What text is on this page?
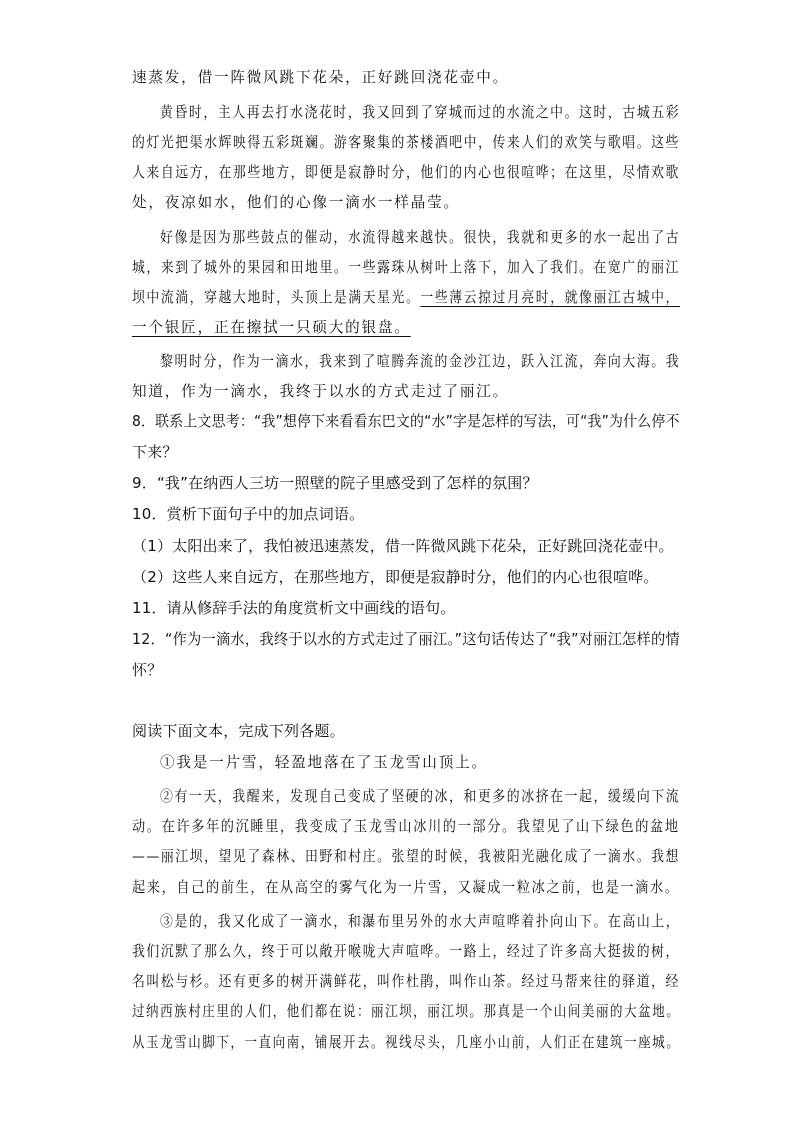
速蒸发，借一阵微风跳下花朵，正好跳回浇花壶中。
黄昏时，主人再去打水浇花时，我又回到了穿城而过的水流之中。这时，古城五彩
的灯光把渠水辉映得五彩斑斓。游客聚集的茶楼酒吧中，传来人们的欢笑与歌唱。这些
人来自远方，在那些地方，即便是寂静时分，他们的内心也很喧哗；在这里，尽情欢歌
处，夜凉如水，他们的心像一滴水一样晶莹。
好像是因为那些鼓点的催动，水流得越来越快。很快，我就和更多的水一起出了古
城，来到了城外的果园和田地里。一些露珠从树叶上落下，加入了我们。在宽广的丽江
坝中流淌，穿越大地时，头顶上是满天星光。一些薄云掠过月亮时，就像丽江古城中，
一个银匠，正在擦拭一只硕大的银盘。
黎明时分，作为一滴水，我来到了喧腾奔流的金沙江边，跃入江流，奔向大海。我
知道，作为一滴水，我终于以水的方式走过了丽江。
8．联系上文思考：“我”想停下来看看东巴文的“水”字是怎样的写法，可“我”为什么停不
下来？
9．“我”在纳西人三坊一照壁的院子里感受到了怎样的氛围？
10．赏析下面句子中的加点词语。
（1）太阳出来了，我怕被迅速蒸发，借一阵微风跳下花朵，正好跳回浇花壶中。
（2）这些人来自远方，在那些地方，即便是寂静时分，他们的内心也很喧哗。
11．请从修辞手法的角度赏析文中画线的语句。
12．“作为一滴水，我终于以水的方式走过了丽江。”这句话传达了“我”对丽江怎样的情
怀？
阅读下面文本，完成下列各题。
①我是一片雪，轻盈地落在了玉龙雪山顶上。
②有一天，我醒来，发现自己变成了坚硬的冰，和更多的冰挤在一起，缓缓向下流
动。在许多年的沉睡里，我变成了玉龙雪山冰川的一部分。我望见了山下绿色的盆地
——丽江坝，望见了森林、田野和村庄。张望的时候，我被阳光融化成了一滴水。我想
起来，自己的前生，在从高空的雾气化为一片雪，又凝成一粒冰之前，也是一滴水。
③是的，我又化成了一滴水，和瀑布里另外的水大声喧哗着扑向山下。在高山上，
我们沉默了那么久，终于可以敞开喉咙大声喧哗。一路上，经过了许多高大挺拔的树，
名叫松与杉。还有更多的树开满鲜花，叫作杜鹃，叫作山茶。经过马帮来往的驿道，经
过纳西族村庄里的人们，他们都在说：丽江坝，丽江坝。那真是一个山间美丽的大盆地。
从玉龙雪山脚下，一直向南，铺展开去。视线尽头，几座小山前，人们正在建筑一座城。
